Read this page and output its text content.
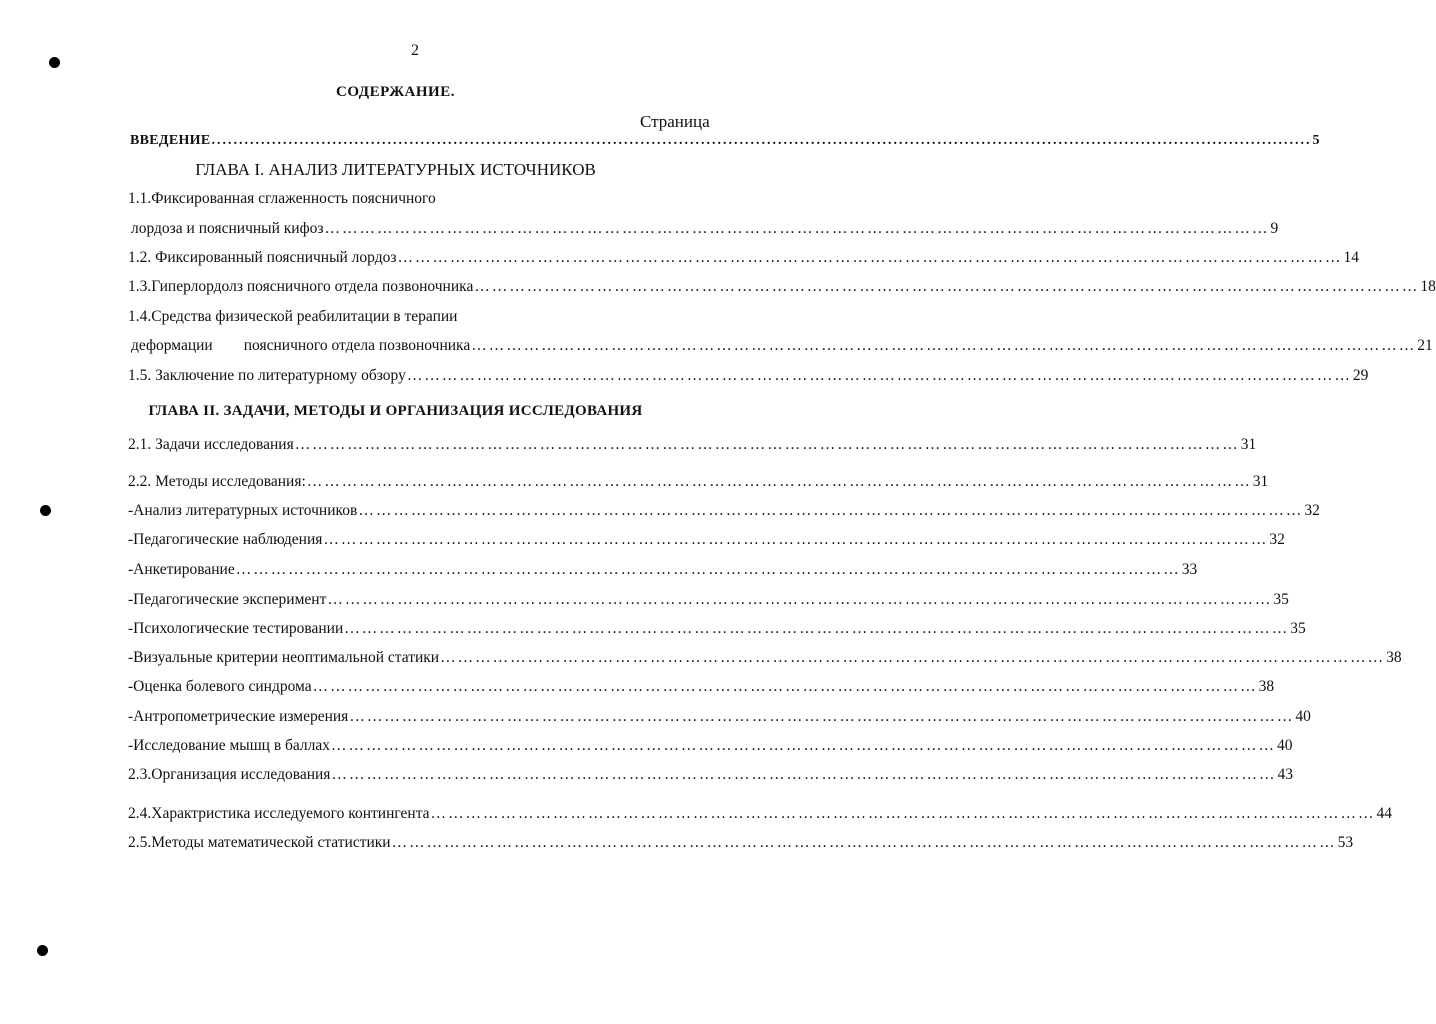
2
СОДЕРЖАНИЕ.
Страница
ВВЕДЕНИЕ ........................................................................................................................................................................................................ 5
ГЛАВА I. АНАЛИЗ ЛИТЕРАТУРНЫХ ИСТОЧНИКОВ
1.1.Фиксированная сглаженность поясничного
лордоза и поясничный кифоз ……………………………………………………………………………………………………………………………………………… 9
1.2. Фиксированный поясничный лордоз ……………………………………………………………………………………………………………………………………………… 14
1.3.Гиперлордолз поясничного отдела позвоночника ……………………………………………………………………………………………………………………………………………… 18
1.4.Средства физической реабилитации в терапии
деформации        поясничного отдела позвоночника ……………………………………………………………………………………………………………………………………………… 21
1.5. Заключение по литературному обзору ……………………………………………………………………………………………………………………………………………… 29
ГЛАВА II. ЗАДАЧИ, МЕТОДЫ И ОРГАНИЗАЦИЯ ИССЛЕДОВАНИЯ
2.1. Задачи исследования ……………………………………………………………………………………………………………………………………………… 31
2.2. Методы исследования: ……………………………………………………………………………………………………………………………………………… 31
-Анализ литературных источников ……………………………………………………………………………………………………………………………………………… 32
-Педагогические наблюдения ……………………………………………………………………………………………………………………………………………… 32
-Анкетирование ……………………………………………………………………………………………………………………………………………… 33
-Педагогические эксперимент ……………………………………………………………………………………………………………………………………………… 35
-Психологические тестировании ……………………………………………………………………………………………………………………………………………… 35
-Визуальные критерии неоптимальной статики ……………………………………………………………………………………………………………………………………………… 38
-Оценка болевого синдрома ……………………………………………………………………………………………………………………………………………… 38
-Антропометрические измерения ……………………………………………………………………………………………………………………………………………… 40
-Исследование мышц в баллах ……………………………………………………………………………………………………………………………………………… 40
2.3.Организация исследования ……………………………………………………………………………………………………………………………………………… 43
2.4.Характристика исследуемого контингента ……………………………………………………………………………………………………………………………………………… 44
2.5.Методы математической статистики ……………………………………………………………………………………………………………………………………………… 53
